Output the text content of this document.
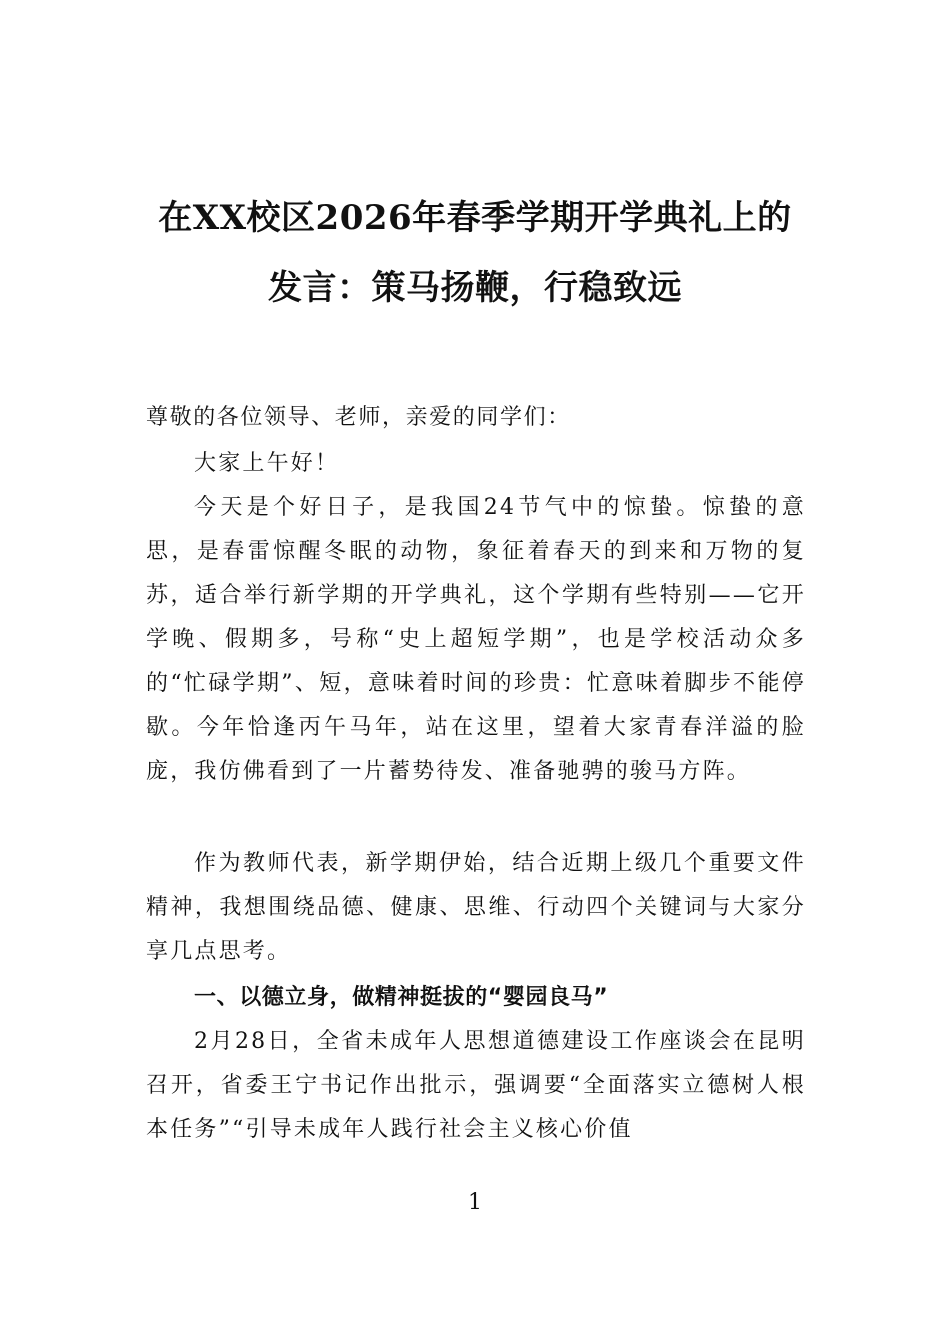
在XX校区2026年春季学期开学典礼上的
发言：策马扬鞭，行稳致远

尊敬的各位领导、老师，亲爱的同学们：

大家上午好！

今天是个好日子，是我国24节气中的惊蛰。惊蛰的意思，是春雷惊醒冬眠的动物，象征着春天的到来和万物的复苏，适合举行新学期的开学典礼，这个学期有些特别——它开学晚、假期多，号称“史上超短学期”，也是学校活动众多的“忙碌学期”、短，意味着时间的珍贵：忙意味着脚步不能停歇。今年恰逢丙午马年，站在这里，望着大家青春洋溢的脸庞，我仿佛看到了一片蓄势待发、准备驰骋的骏马方阵。

作为教师代表，新学期伊始，结合近期上级几个重要文件精神，我想围绕品德、健康、思维、行动四个关键词与大家分享几点思考。

一、以德立身，做精神挺拔的“婴园良马”

2月28日，全省未成年人思想道德建设工作座谈会在昆明召开，省委王宁书记作出批示，强调要“全面落实立德树人根本任务”“引导未成年人践行社会主义核心价值

1
